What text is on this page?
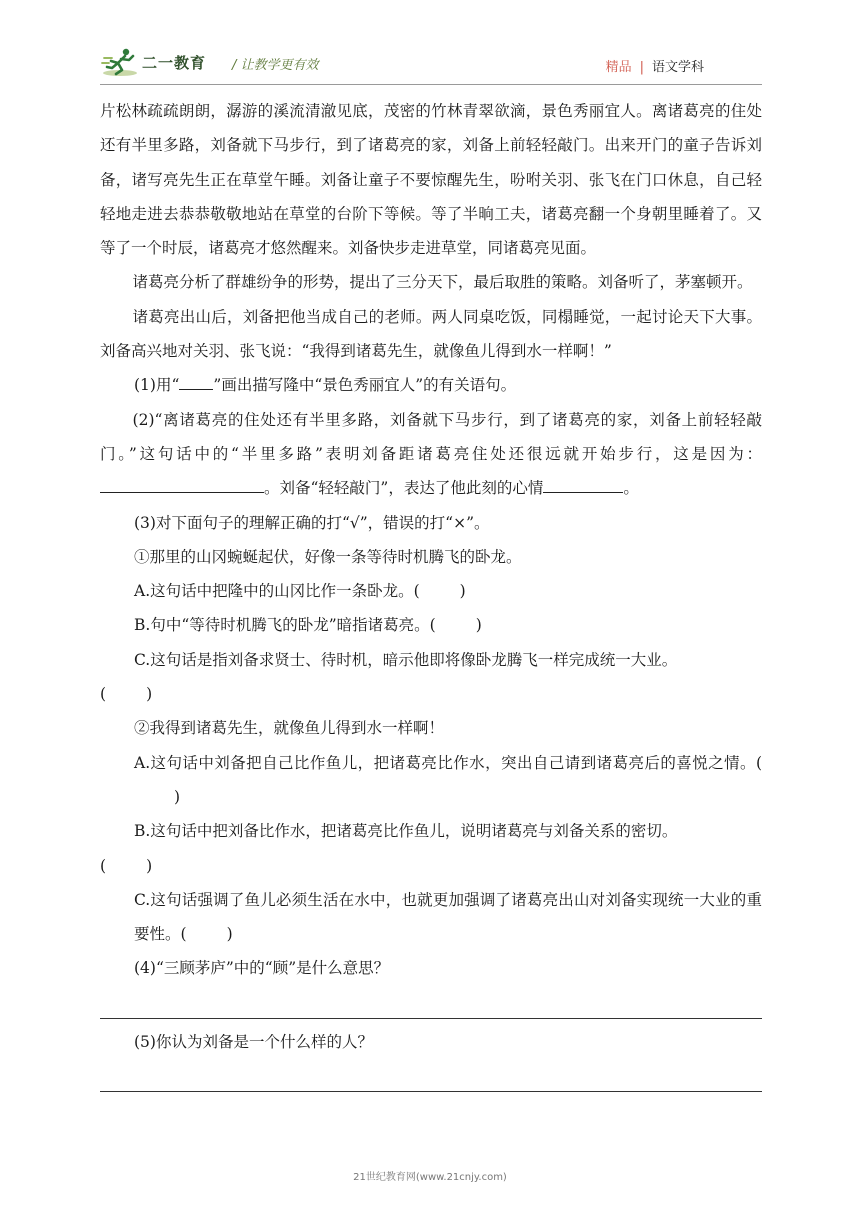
二一教育 / 让教学更有效	精品 | 语文学科

片松林疏疏朗朗，潺游的溪流清澈见底，茂密的竹林青翠欲滴，景色秀丽宜人。离诸葛亮的住处还有半里多路，刘备就下马步行，到了诸葛亮的家，刘备上前轻轻敲门。出来开门的童子告诉刘备，诸写亮先生正在草堂午睡。刘备让童子不要惊醒先生，吩咐关羽、张飞在门口休息，自己轻轻地走进去恭恭敬敬地站在草堂的台阶下等候。等了半晌工夫，诸葛亮翻一个身朝里睡着了。又等了一个时辰，诸葛亮才悠然醒来。刘备快步走进草堂，同诸葛亮见面。

诸葛亮分析了群雄纷争的形势，提出了三分天下，最后取胜的策略。刘备听了，茅塞顿开。

诸葛亮出山后，刘备把他当成自己的老师。两人同桌吃饭，同榻睡觉，一起讨论天下大事。刘备高兴地对关羽、张飞说：“我得到诸葛先生，就像鱼儿得到水一样啊！”

(1)用“ ”画出描写隆中“景色秀丽宜人”的有关语句。

(2)“离诸葛亮的住处还有半里多路，刘备就下马步行，到了诸葛亮的家，刘备上前轻轻敲门。”这句话中的“半里多路”表明刘备距诸葛亮住处还很远就开始步行，这是因为：。刘备“轻轻敲门”，表达了他此刻的心情	。

(3)对下面句子的理解正确的打“√”，错误的打“×”。

①那里的山冈蜿蜒起伏，好像一条等待时机腾飞的卧龙。

A.这句话中把隆中的山冈比作一条卧龙。(	)

B.句中“等待时机腾飞的卧龙”暗指诸葛亮。(	)

C.这句话是指刘备求贤士、待时机，暗示他即将像卧龙腾飞一样完成统一大业。

(	)

②我得到诸葛先生，就像鱼儿得到水一样啊！

A.这句话中刘备把自己比作鱼儿，把诸葛亮比作水，突出自己请到诸葛亮后的喜悦之情。()

B.这句话中把刘备比作水，把诸葛亮比作鱼儿，说明诸葛亮与刘备关系的密切。

(	)

C.这句话强调了鱼儿必须生活在水中，也就更加强调了诸葛亮出山对刘备实现统一大业的重要性。(	)

(4)“三顾茅庐”中的“顾”是什么意思？

(5)你认为刘备是一个什么样的人？

21世纪教育网(www.21cnjy.com)
